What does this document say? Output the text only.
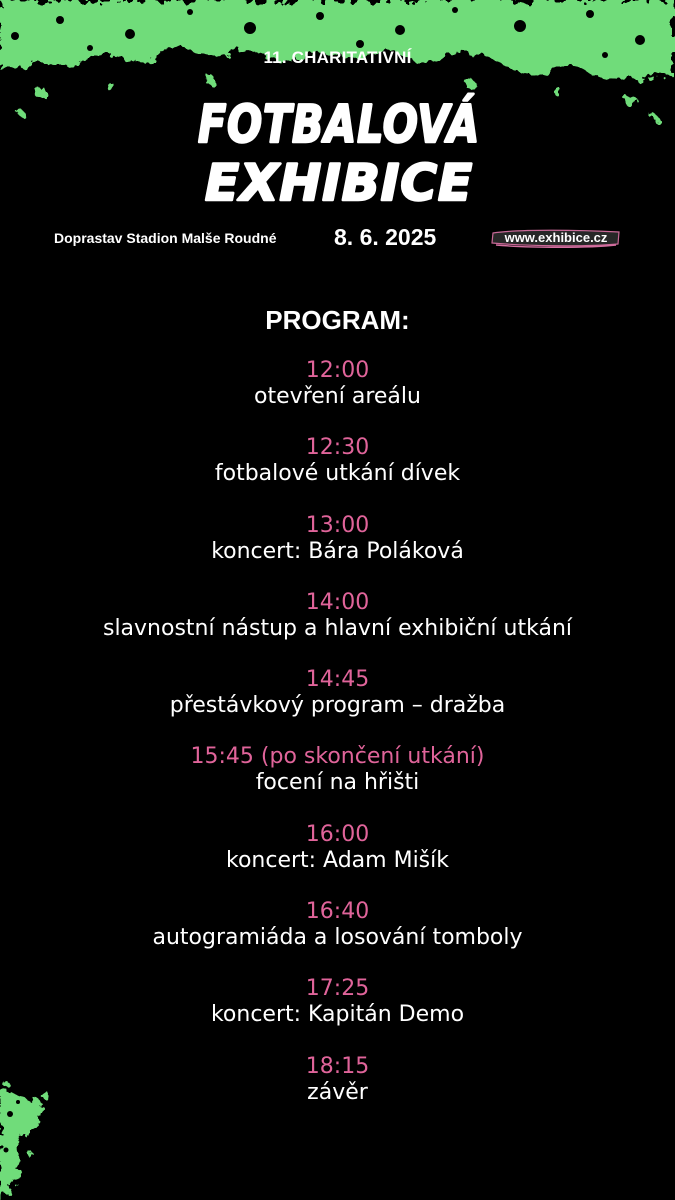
11. CHARITATIVNÍ
FOTBALOVÁ
EXHIBICE
Doprastav Stadion Malše Roudné	8. 6. 2025	www.exhibice.cz
PROGRAM:
12:00
otevření areálu
12:30
fotbalové utkání dívek
13:00
koncert: Bára Poláková
14:00
slavnostní nástup a hlavní exhibiční utkání
14:45
přestávkový program – dražba
15:45 (po skončení utkání)
focení na hřišti
16:00
koncert: Adam Mišík
16:40
autogramiáda a losování tomboly
17:25
koncert: Kapitán Demo
18:15
závěr
